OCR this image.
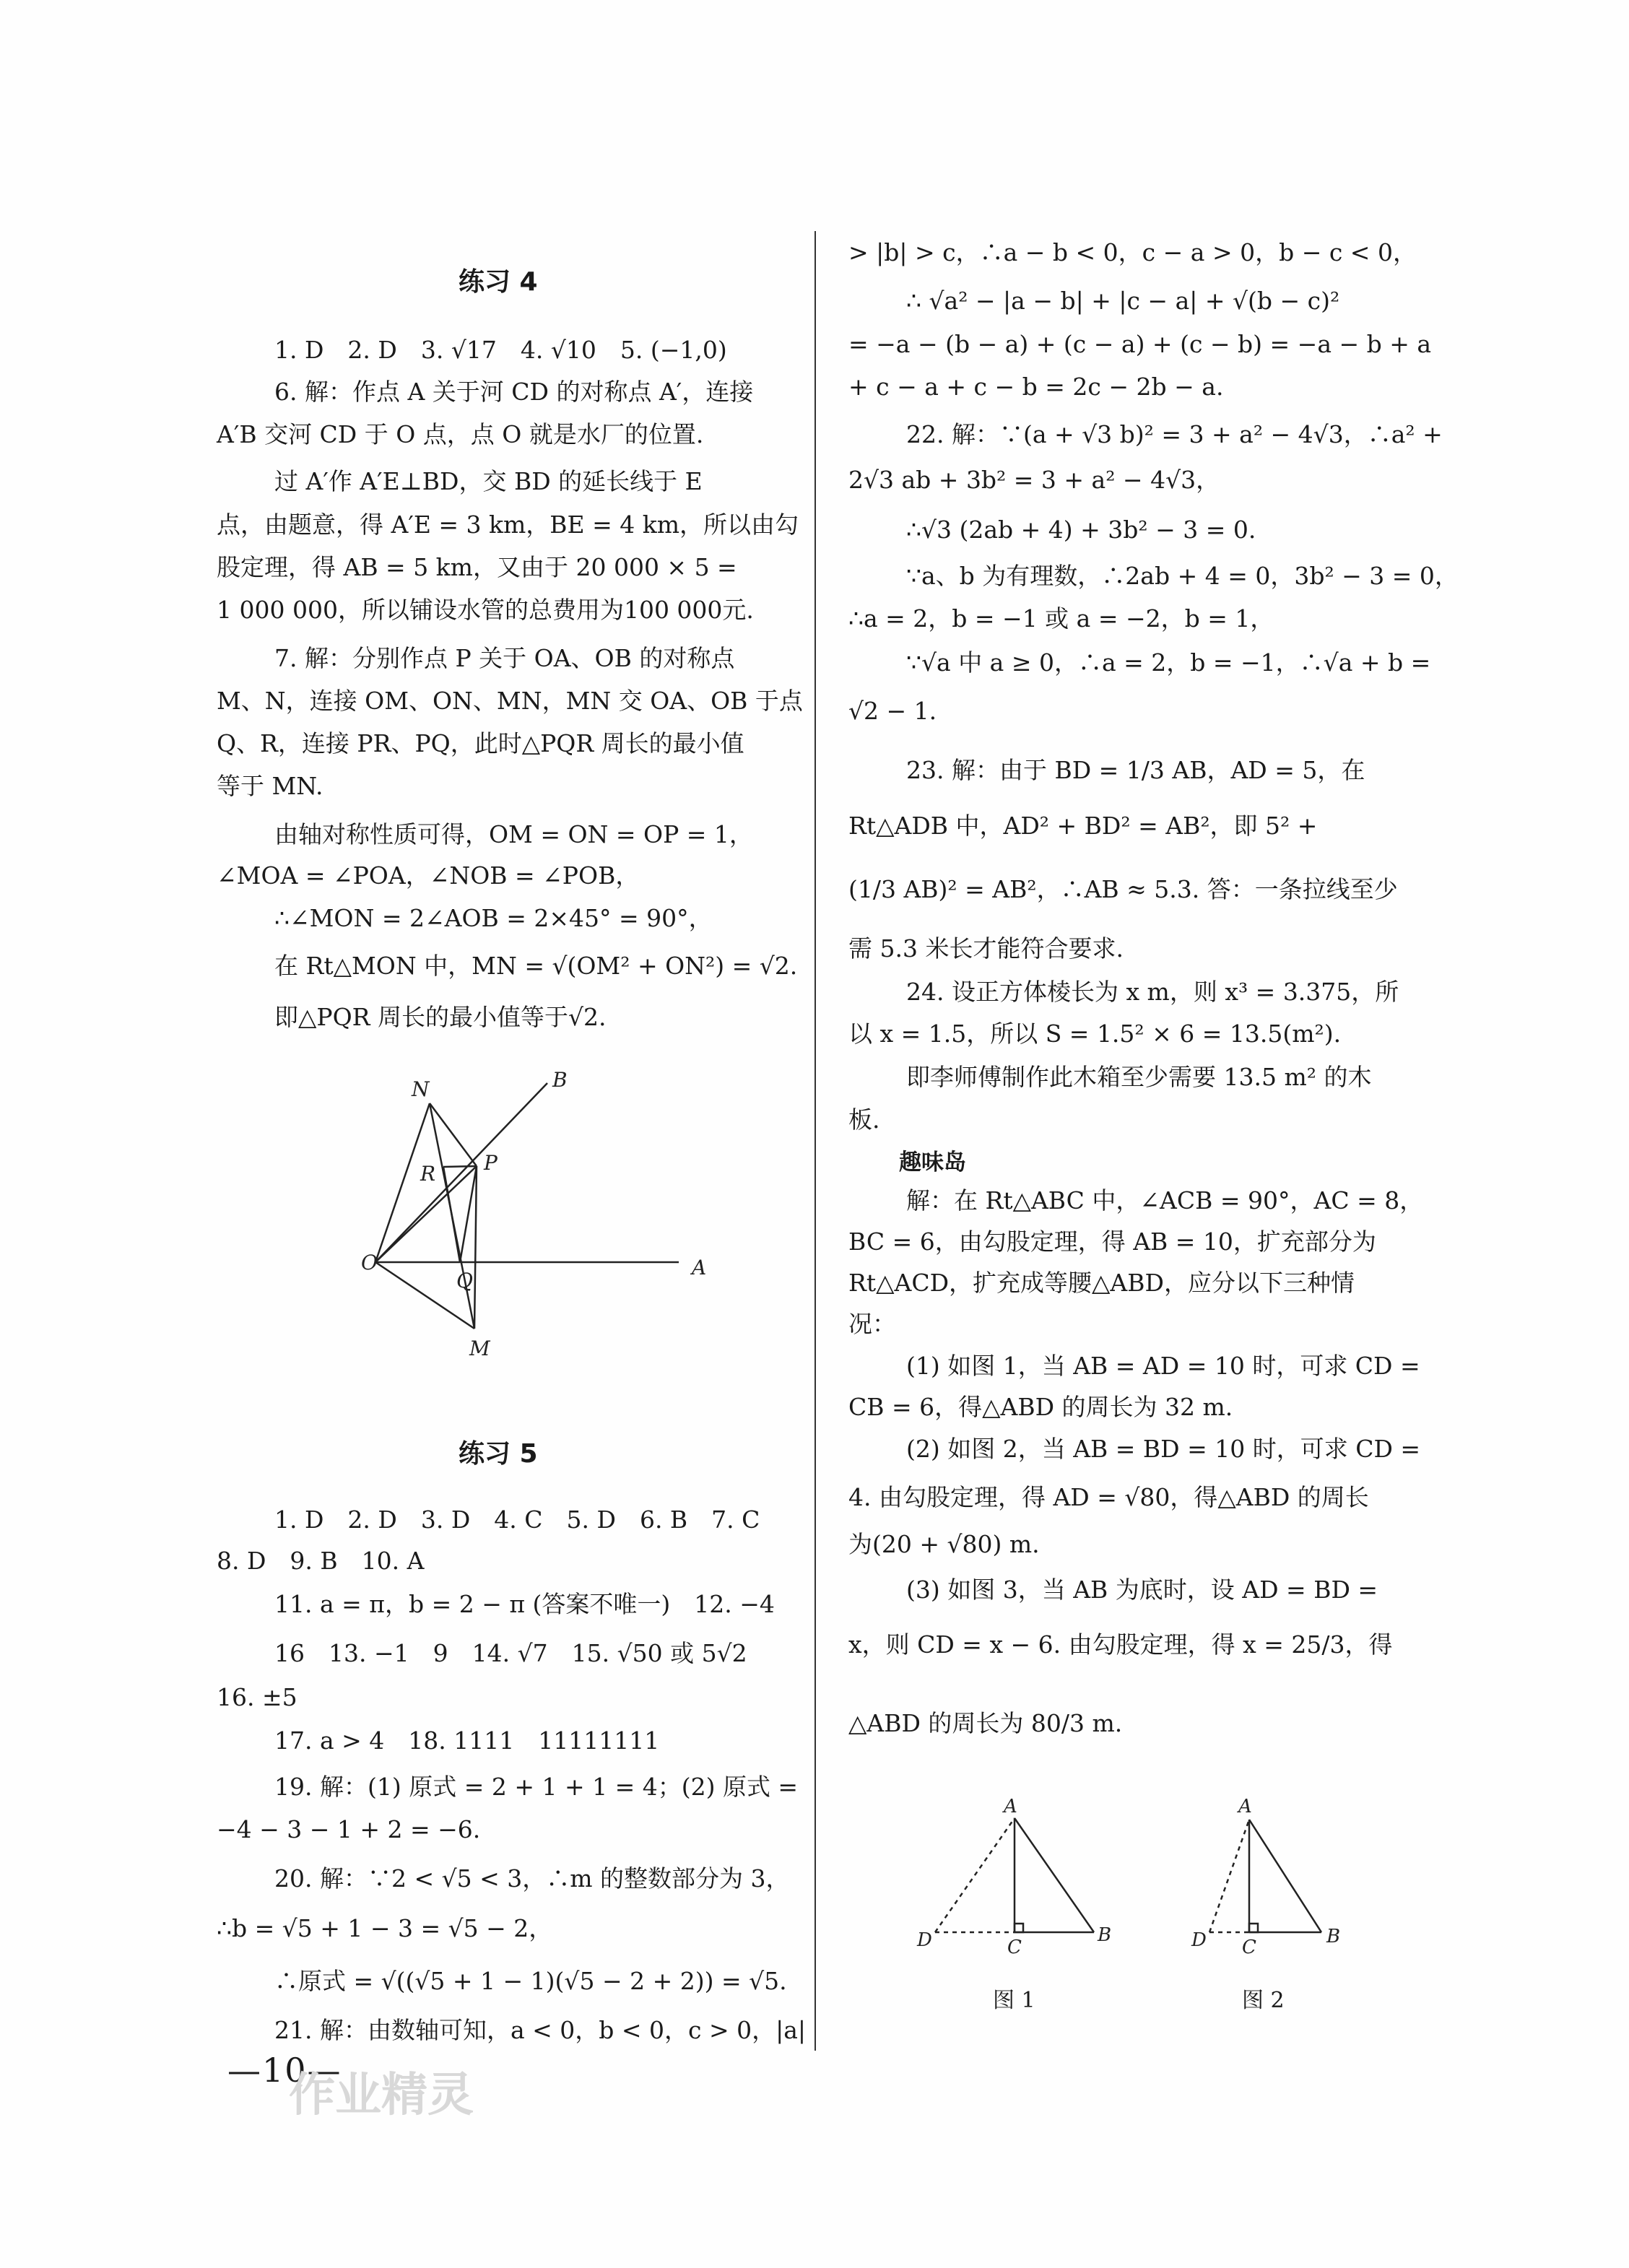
练习 4
1. D　2. D　3. √17　4. √10　5. (−1,0)
6. 解：作点 A 关于河 CD 的对称点 A′，连接
A′B 交河 CD 于 O 点，点 O 就是水厂的位置.
过 A′作 A′E⊥BD，交 BD 的延长线于 E
点，由题意，得 A′E = 3 km，BE = 4 km，所以由勾
股定理，得 AB = 5 km，又由于 20 000 × 5 =
1 000 000，所以铺设水管的总费用为100 000元.
7. 解：分别作点 P 关于 OA、OB 的对称点
M、N，连接 OM、ON、MN，MN 交 OA、OB 于点
Q、R，连接 PR、PQ，此时△PQR 周长的最小值
等于 MN.
由轴对称性质可得，OM = ON = OP = 1，
∠MOA = ∠POA，∠NOB = ∠POB，
∴∠MON = 2∠AOB = 2×45° = 90°，
在 Rt△MON 中，MN = √(OM² + ON²) = √2.
即△PQR 周长的最小值等于√2.
B
N
R P
O
Q
A
M
练习 5
1. D　2. D　3. D　4. C　5. D　6. B　7. C
8. D　9. B　10. A
11. a = π，b = 2 − π (答案不唯一)　12. −4
16　13. −1　9　14. √7　15. √50 或 5√2
16. ±5
17. a > 4　18. 1111　11111111
19. 解：(1) 原式 = 2 + 1 + 1 = 4；(2) 原式 =
−4 − 3 − 1 + 2 = −6.
20. 解：∵2 < √5 < 3，∴m 的整数部分为 3，
∴b = √5 + 1 − 3 = √5 − 2，
∴原式 = √((√5 + 1 − 1)(√5 − 2 + 2)) = √5.
21. 解：由数轴可知，a < 0，b < 0，c > 0，|a|
> |b| > c，∴a − b < 0，c − a > 0，b − c < 0，
∴ √a² − |a − b| + |c − a| + √(b − c)²
= −a − (b − a) + (c − a) + (c − b) = −a − b + a
+ c − a + c − b = 2c − 2b − a.
22. 解：∵(a + √3 b)² = 3 + a² − 4√3，∴a² +
2√3 ab + 3b² = 3 + a² − 4√3，
∴√3 (2ab + 4) + 3b² − 3 = 0.
∵a、b 为有理数，∴2ab + 4 = 0，3b² − 3 = 0，
∴a = 2，b = −1 或 a = −2，b = 1，
∵√a 中 a ≥ 0，∴a = 2，b = −1，∴√a + b =
√2 − 1.
23. 解：由于 BD = 1/3 AB，AD = 5，在
Rt△ADB 中，AD² + BD² = AB²，即 5² +
(1/3 AB)² = AB²，∴AB ≈ 5.3. 答：一条拉线至少
需 5.3 米长才能符合要求.
24. 设正方体棱长为 x m，则 x³ = 3.375，所
以 x = 1.5，所以 S = 1.5² × 6 = 13.5(m²).
即李师傅制作此木箱至少需要 13.5 m² 的木
板.
趣味岛
解：在 Rt△ABC 中，∠ACB = 90°，AC = 8，
BC = 6，由勾股定理，得 AB = 10，扩充部分为
Rt△ACD，扩充成等腰△ABD，应分以下三种情
况：
(1) 如图 1，当 AB = AD = 10 时，可求 CD =
CB = 6，得△ABD 的周长为 32 m.
(2) 如图 2，当 AB = BD = 10 时，可求 CD =
4. 由勾股定理，得 AD = √80，得△ABD 的周长
为(20 + √80) m.
(3) 如图 3，当 AB 为底时，设 AD = BD =
x，则 CD = x − 6. 由勾股定理，得 x = 25/3，得
△ABD 的周长为 80/3 m.
A
B
C
D
图 1
A
B
C
D
图 2
—10—
作业精灵
